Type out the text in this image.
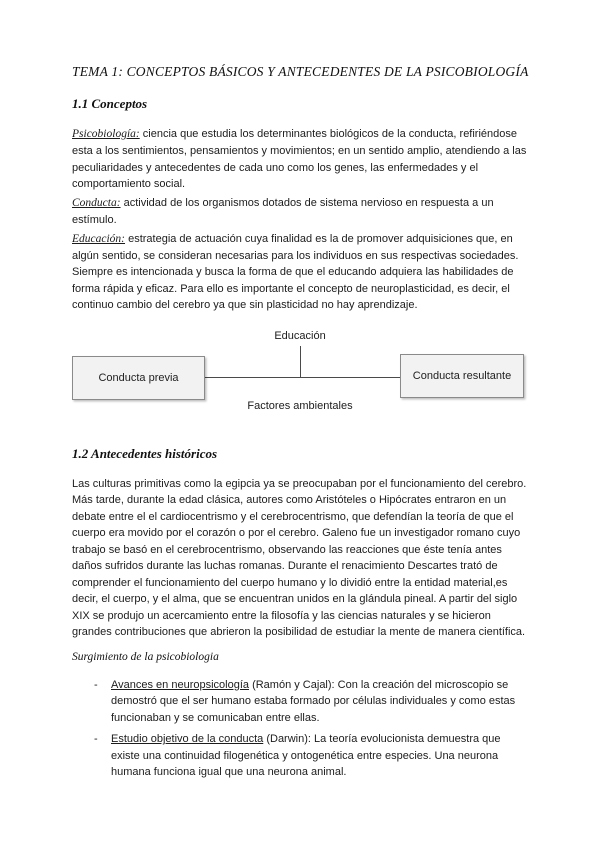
TEMA 1: CONCEPTOS BÁSICOS Y ANTECEDENTES DE LA PSICOBIOLOGÍA
1.1 Conceptos

Psicobiología: ciencia que estudia los determinantes biológicos de la conducta, refiriéndose esta a los sentimientos, pensamientos y movimientos; en un sentido amplio, atendiendo a las peculiaridades y antecedentes de cada uno como los genes, las enfermedades y el comportamiento social.

Conducta: actividad de los organismos dotados de sistema nervioso en respuesta a un estímulo.

Educación: estrategia de actuación cuya finalidad es la de promover adquisiciones que, en algún sentido, se consideran necesarias para los individuos en sus respectivas sociedades. Siempre es intencionada y busca la forma de que el educando adquiera las habilidades de forma rápida y eficaz. Para ello es importante el concepto de neuroplasticidad, es decir, el continuo cambio del cerebro ya que sin plasticidad no hay aprendizaje.

Educación
Conducta previa	Conducta resultante
Factores ambientales
1.2 Antecedentes históricos

Las culturas primitivas como la egipcia ya se preocupaban por el funcionamiento del cerebro. Más tarde, durante la edad clásica, autores como Aristóteles o Hipócrates entraron en un debate entre el el cardiocentrismo y el cerebrocentrismo, que defendían la teoría de que el cuerpo era movido por el corazón o por el cerebro. Galeno fue un investigador romano cuyo trabajo se basó en el cerebrocentrismo, observando las reacciones que éste tenía antes daños sufridos durante las luchas romanas. Durante el renacimiento Descartes trató de comprender el funcionamiento del cuerpo humano y lo dividió entre la entidad material,es decir, el cuerpo, y el alma, que se encuentran unidos en la glándula pineal. A partir del siglo XIX se produjo un acercamiento entre la filosofía y las ciencias naturales y se hicieron grandes contribuciones que abrieron la posibilidad de estudiar la mente de manera científica.

Surgimiento de la psicobiologia
-	Avances en neuropsicología (Ramón y Cajal): Con la creación del microscopio se demostró que el ser humano estaba formado por células individuales y como estas funcionaban y se comunicaban entre ellas.
-	Estudio objetivo de la conducta (Darwin): La teoría evolucionista demuestra que existe una continuidad filogenética y ontogenética entre especies. Una neurona humana funciona igual que una neurona animal.
